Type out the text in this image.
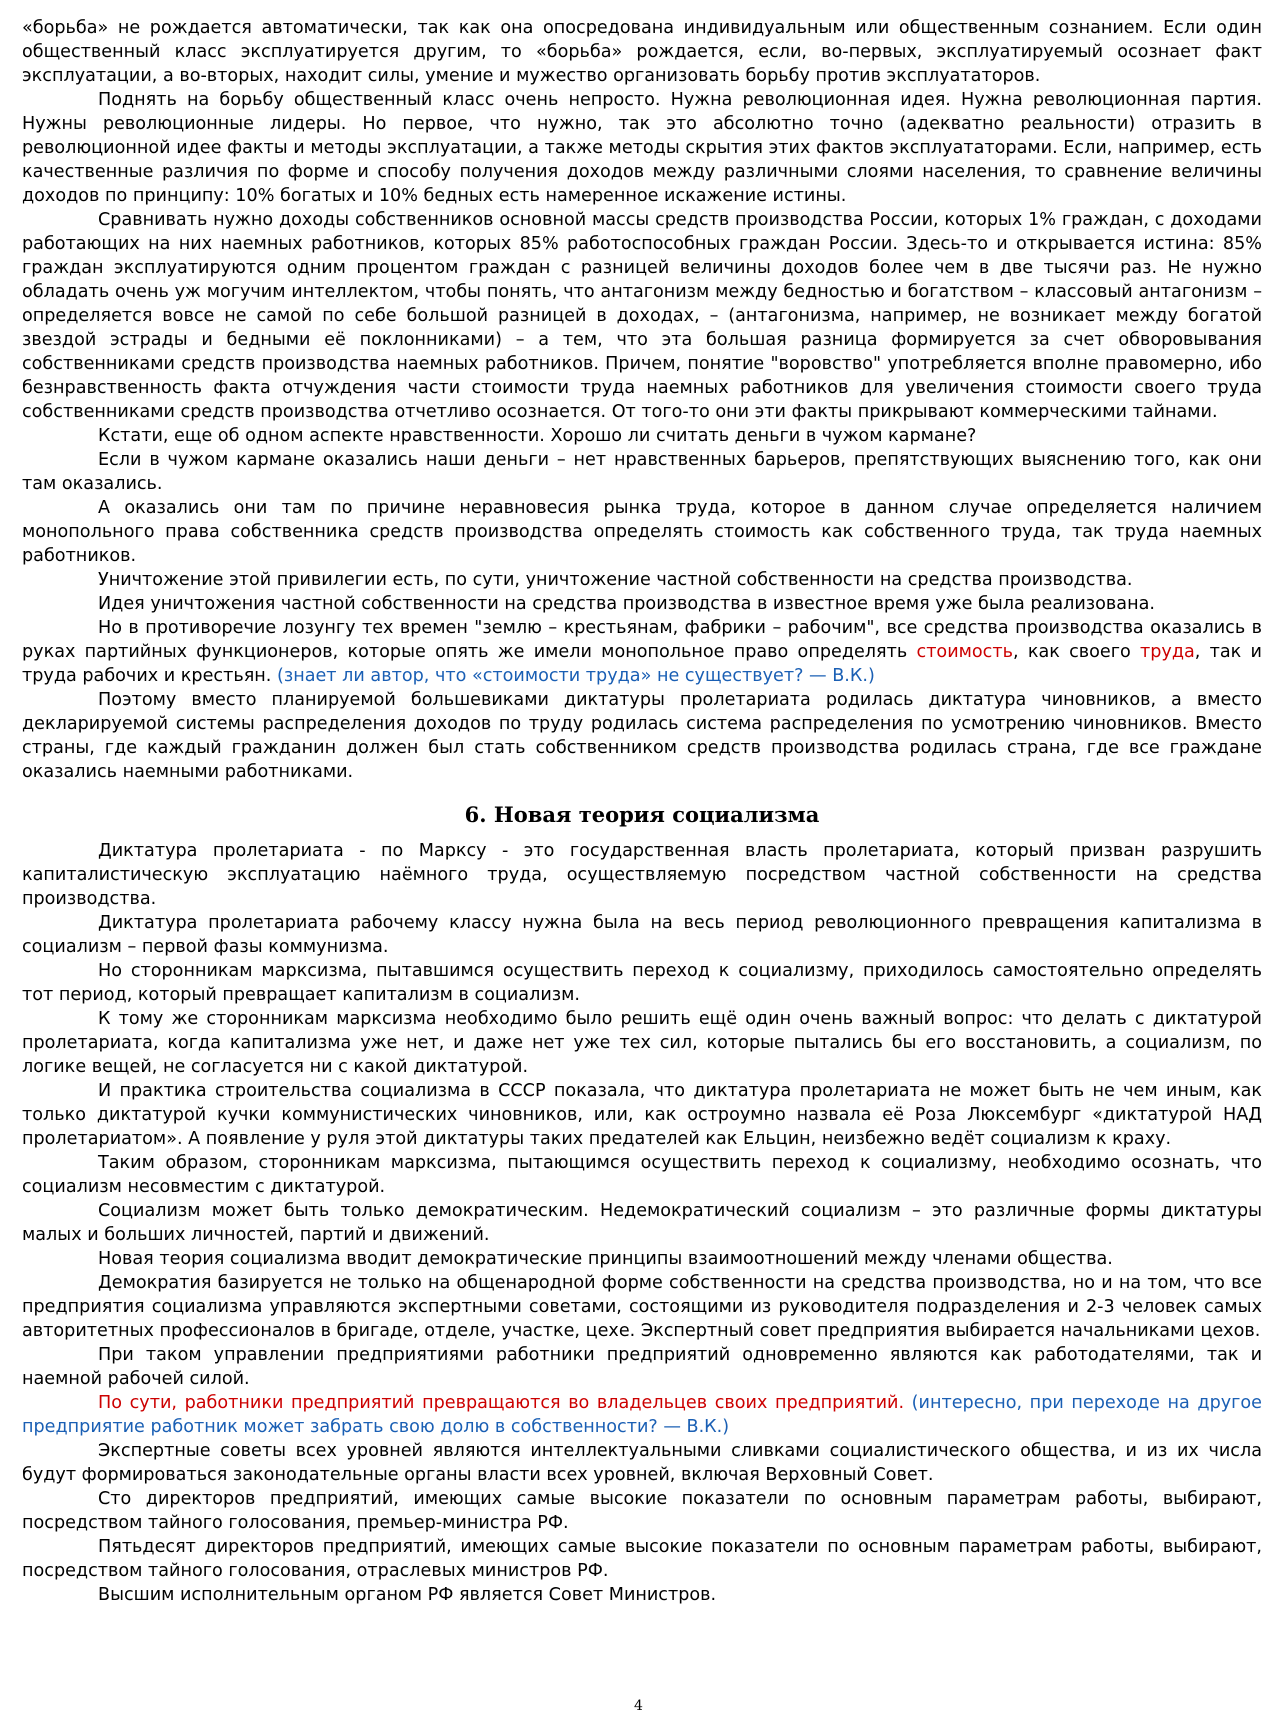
«борьба» не рождается автоматически, так как она опосредована индивидуальным или общественным сознанием. Если один общественный класс эксплуатируется другим, то «борьба» рождается, если, во-первых, эксплуатируемый осознает факт эксплуатации, а во-вторых, находит силы, умение и мужество организовать борьбу против эксплуататоров.

Поднять на борьбу общественный класс очень непросто. Нужна революционная идея. Нужна революционная партия. Нужны революционные лидеры. Но первое, что нужно, так это абсолютно точно (адекватно реальности) отразить в революционной идее факты и методы эксплуатации, а также методы скрытия этих фактов эксплуататорами. Если, например, есть качественные различия по форме и способу получения доходов между различными слоями населения, то сравнение величины доходов по принципу: 10% богатых и 10% бедных есть намеренное искажение истины.

Сравнивать нужно доходы собственников основной массы средств производства России, которых 1% граждан, с доходами работающих на них наемных работников, которых 85% работоспособных граждан России. Здесь-то и открывается истина: 85% граждан эксплуатируются одним процентом граждан с разницей величины доходов более чем в две тысячи раз. Не нужно обладать очень уж могучим интеллектом, чтобы понять, что антагонизм между бедностью и богатством – классовый антагонизм – определяется вовсе не самой по себе большой разницей в доходах, – (антагонизма, например, не возникает между богатой звездой эстрады и бедными её поклонниками) – а тем, что эта большая разница формируется за счет обворовывания собственниками средств производства наемных работников. Причем, понятие "воровство" употребляется вполне правомерно, ибо безнравственность факта отчуждения части стоимости труда наемных работников для увеличения стоимости своего труда собственниками средств производства отчетливо осознается. От того-то они эти факты прикрывают коммерческими тайнами.

Кстати, еще об одном аспекте нравственности. Хорошо ли считать деньги в чужом кармане?

Если в чужом кармане оказались наши деньги – нет нравственных барьеров, препятствующих выяснению того, как они там оказались.

А оказались они там по причине неравновесия рынка труда, которое в данном случае определяется наличием монопольного права собственника средств производства определять стоимость как собственного труда, так труда наемных работников.

Уничтожение этой привилегии есть, по сути, уничтожение частной собственности на средства производства.

Идея уничтожения частной собственности на средства производства в известное время уже была реализована.

Но в противоречие лозунгу тех времен "землю – крестьянам, фабрики – рабочим", все средства производства оказались в руках партийных функционеров, которые опять же имели монопольное право определять стоимость, как своего труда, так и труда рабочих и крестьян. (знает ли автор, что «стоимости труда» не существует? — В.К.)

Поэтому вместо планируемой большевиками диктатуры пролетариата родилась диктатура чиновников, а вместо декларируемой системы распределения доходов по труду родилась система распределения по усмотрению чиновников. Вместо страны, где каждый гражданин должен был стать собственником средств производства родилась страна, где все граждане оказались наемными работниками.

6. Новая теория социализма

Диктатура пролетариата - по Марксу - это государственная власть пролетариата, который призван разрушить капиталистическую эксплуатацию наёмного труда, осуществляемую посредством частной собственности на средства производства.

Диктатура пролетариата рабочему классу нужна была на весь период революционного превращения капитализма в социализм – первой фазы коммунизма.

Но сторонникам марксизма, пытавшимся осуществить переход к социализму, приходилось самостоятельно определять тот период, который превращает капитализм в социализм.

К тому же сторонникам марксизма необходимо было решить ещё один очень важный вопрос: что делать с диктатурой пролетариата, когда капитализма уже нет, и даже нет уже тех сил, которые пытались бы его восстановить, а социализм, по логике вещей, не согласуется ни с какой диктатурой.

И практика строительства социализма в СССР показала, что диктатура пролетариата не может быть не чем иным, как только диктатурой кучки коммунистических чиновников, или, как остроумно назвала её Роза Люксембург «диктатурой НАД пролетариатом». А появление у руля этой диктатуры таких предателей как Ельцин, неизбежно ведёт социализм к краху.

Таким образом, сторонникам марксизма, пытающимся осуществить переход к социализму, необходимо осознать, что социализм несовместим с диктатурой.

Социализм может быть только демократическим. Недемократический социализм – это различные формы диктатуры малых и больших личностей, партий и движений.

Новая теория социализма вводит демократические принципы взаимоотношений между членами общества.

Демократия базируется не только на общенародной форме собственности на средства производства, но и на том, что все предприятия социализма управляются экспертными советами, состоящими из руководителя подразделения и 2-3 человек самых авторитетных профессионалов в бригаде, отделе, участке, цехе. Экспертный совет предприятия выбирается начальниками цехов.

При таком управлении предприятиями работники предприятий одновременно являются как работодателями, так и наемной рабочей силой.

По сути, работники предприятий превращаются во владельцев своих предприятий. (интересно, при переходе на другое предприятие работник может забрать свою долю в собственности? — В.К.)

Экспертные советы всех уровней являются интеллектуальными сливками социалистического общества, и из их числа будут формироваться законодательные органы власти всех уровней, включая Верховный Совет.

Сто директоров предприятий, имеющих самые высокие показатели по основным параметрам работы, выбирают, посредством тайного голосования, премьер-министра РФ.

Пятьдесят директоров предприятий, имеющих самые высокие показатели по основным параметрам работы, выбирают, посредством тайного голосования, отраслевых министров РФ.

Высшим исполнительным органом РФ является Совет Министров.

4
